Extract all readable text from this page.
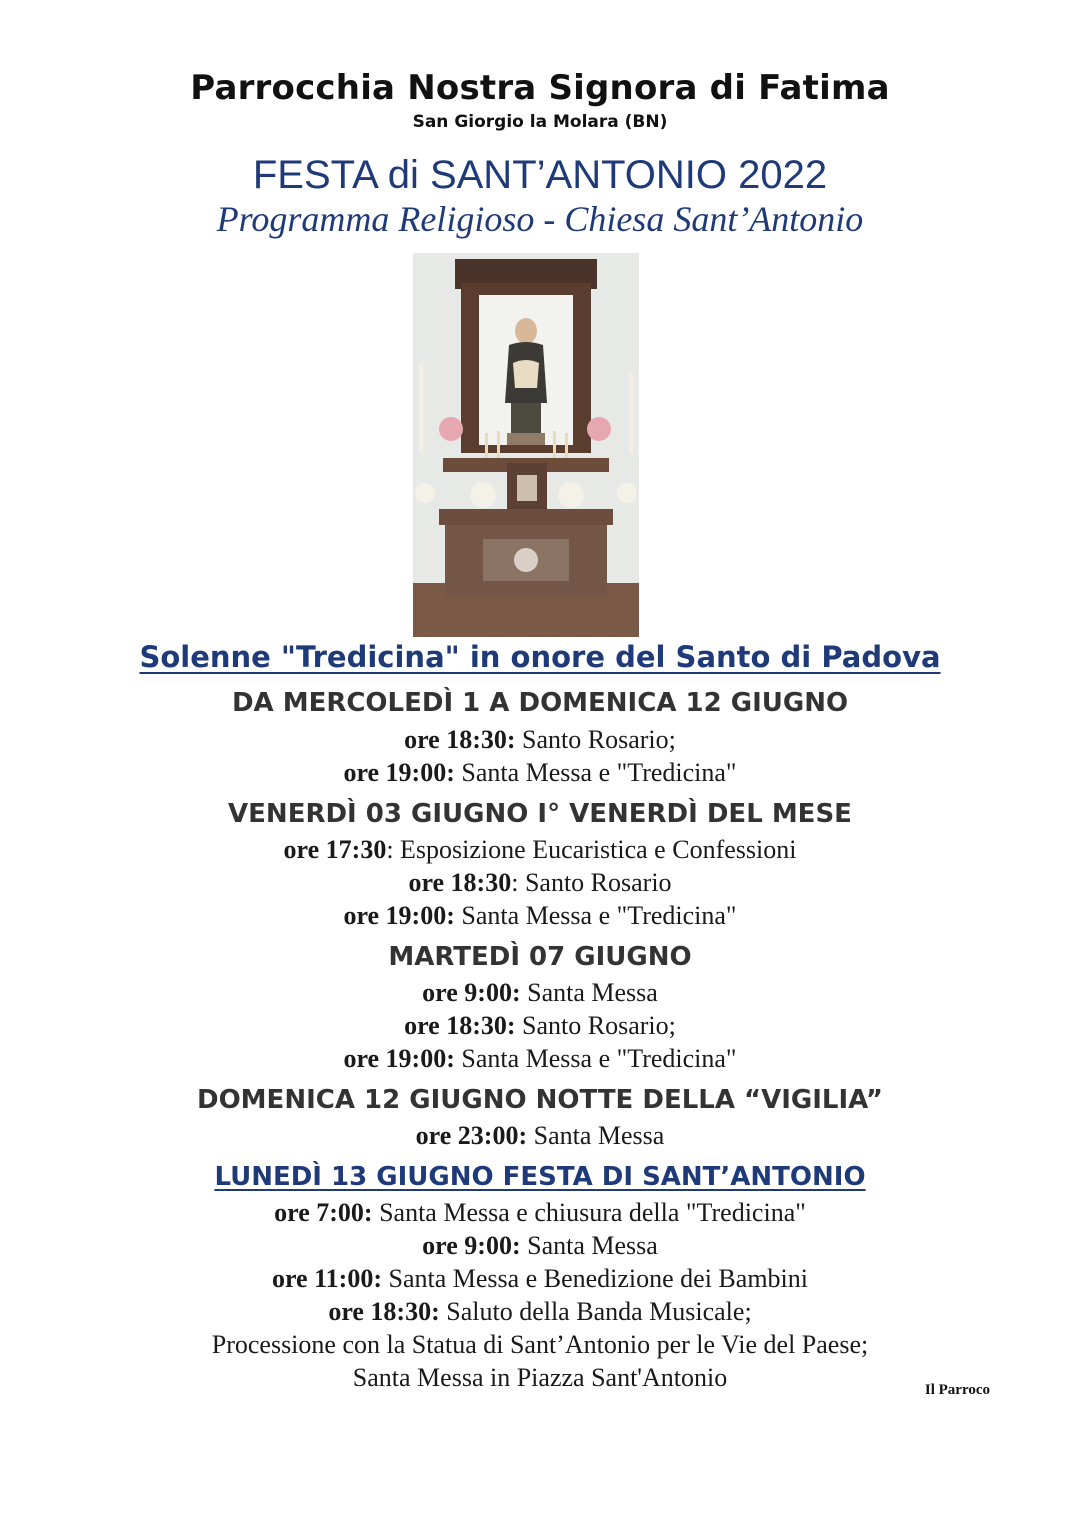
Parrocchia Nostra Signora di Fatima
San Giorgio la Molara (BN)
FESTA di SANT’ANTONIO 2022
Programma Religioso - Chiesa Sant’Antonio
Solenne "Tredicina" in onore del Santo di Padova
DA MERCOLEDÌ 1 A DOMENICA 12 GIUGNO
ore 18:30: Santo Rosario;
ore 19:00: Santa Messa e "Tredicina"
VENERDÌ 03 GIUGNO I° VENERDÌ DEL MESE
ore 17:30: Esposizione Eucaristica e Confessioni
ore 18:30: Santo Rosario
ore 19:00: Santa Messa e "Tredicina"
MARTEDÌ 07 GIUGNO
ore 9:00: Santa Messa
ore 18:30: Santo Rosario;
ore 19:00: Santa Messa e "Tredicina"
DOMENICA 12 GIUGNO NOTTE DELLA “VIGILIA”
ore 23:00: Santa Messa
LUNEDÌ 13 GIUGNO FESTA DI SANT’ANTONIO
ore 7:00: Santa Messa e chiusura della "Tredicina"
ore 9:00: Santa Messa
ore 11:00: Santa Messa e Benedizione dei Bambini
ore 18:30: Saluto della Banda Musicale;
Processione con la Statua di Sant’Antonio per le Vie del Paese;
Santa Messa in Piazza Sant'Antonio	Il Parroco
